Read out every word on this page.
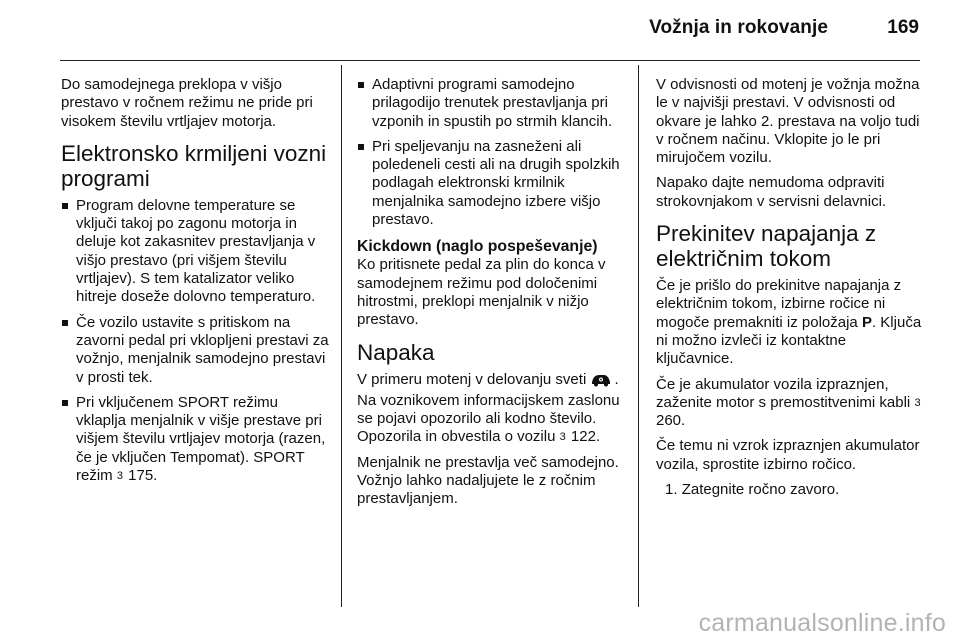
Vožnja in rokovanje	169

Do samodejnega preklopa v višjo prestavo v ročnem režimu ne pride pri visokem številu vrtljajev motorja.

Elektronsko krmiljeni vozni programi
Program delovne temperature se vključi takoj po zagonu motorja in deluje kot zakasnitev prestavljanja v višjo prestavo (pri višjem številu vrtljajev). S tem katalizator veliko hitreje doseže dolovno temperaturo.
Če vozilo ustavite s pritiskom na zavorni pedal pri vklopljeni prestavi za vožnjo, menjalnik samodejno prestavi v prosti tek.
Pri vključenem SPORT režimu vklaplja menjalnik v višje prestave pri višjem številu vrtljajev motorja (razen, če je vključen Tempomat). SPORT režim 3 175.
Adaptivni programi samodejno prilagodijo trenutek prestavljanja pri vzponih in spustih po strmih klancih.
Pri speljevanju na zasneženi ali poledeneli cesti ali na drugih spolzkih podlagah elektronski krmilnik menjalnika samodejno izbere višjo prestavo.
Kickdown (naglo pospeševanje)

Ko pritisnete pedal za plin do konca v samodejnem režimu pod določenimi hitrostmi, preklopi menjalnik v nižjo prestavo.

Napaka

V primeru motenj v delovanju sveti . Na voznikovem informacijskem zaslonu se pojavi opozorilo ali kodno število. Opozorila in obvestila o vozilu 3 122.

Menjalnik ne prestavlja več samodejno. Vožnjo lahko nadaljujete le z ročnim prestavljanjem.

V odvisnosti od motenj je vožnja možna le v najvišji prestavi. V odvisnosti od okvare je lahko 2. prestava na voljo tudi v ročnem načinu. Vklopite jo le pri mirujočem vozilu.

Napako dajte nemudoma odpraviti strokovnjakom v servisni delavnici.

Prekinitev napajanja z električnim tokom

Če je prišlo do prekinitve napajanja z električnim tokom, izbirne ročice ni mogoče premakniti iz položaja P. Ključa ni možno izvleči iz kontaktne ključavnice.

Če je akumulator vozila izpraznjen, zaženite motor s premostitvenimi kabli 3 260.

Če temu ni vzrok izpraznjen akumulator vozila, sprostite izbirno ročico.

1. Zategnite ročno zavoro.

carmanualsonline.info
